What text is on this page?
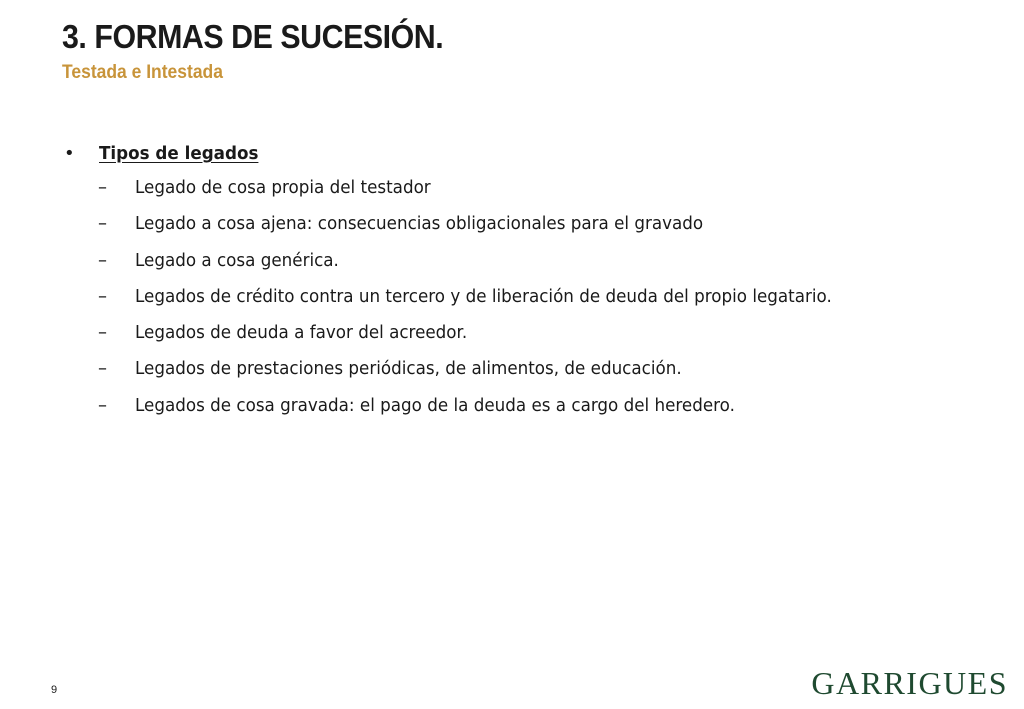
3. FORMAS DE SUCESIÓN.
Testada e Intestada
•	Tipos de legados
–	Legado de cosa propia del testador
–	Legado a cosa ajena: consecuencias obligacionales para el gravado
–	Legado a cosa genérica.
–	Legados de crédito contra un tercero y de liberación de deuda del propio legatario.
–	Legados de deuda a favor del acreedor.
–	Legados de prestaciones periódicas, de alimentos, de educación.
–	Legados de cosa gravada: el pago de la deuda es a cargo del heredero.
9	GARRIGUES
